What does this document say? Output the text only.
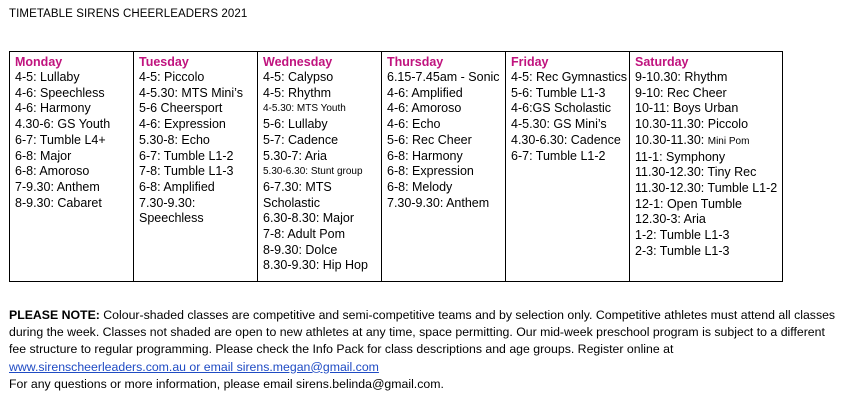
TIMETABLE SIRENS CHEERLEADERS 2021
Monday
4-5: Lullaby
4-6: Speechless
4-6: Harmony
4.30-6: GS Youth
6-7: Tumble L4+
6-8: Major
6-8: Amoroso
7-9.30: Anthem
8-9.30: Cabaret

Tuesday
4-5: Piccolo
4-5.30: MTS Mini’s
5-6 Cheersport
4-6: Expression
5.30-8: Echo
6-7: Tumble L1-2
7-8: Tumble L1-3
6-8: Amplified
7.30-9.30: Speechless

Wednesday
4-5: Calypso
4-5: Rhythm
4-5.30: MTS Youth
5-6: Lullaby
5-7: Cadence
5.30-7: Aria
5.30-6.30: Stunt group
6-7.30: MTS Scholastic
6.30-8.30: Major
7-8: Adult Pom
8-9.30: Dolce
8.30-9.30: Hip Hop

Thursday
6.15-7.45am - Sonic
4-6: Amplified
4-6: Amoroso
4-6: Echo
5-6: Rec Cheer
6-8: Harmony
6-8: Expression
6-8: Melody
7.30-9.30: Anthem

Friday
4-5: Rec Gymnastics
5-6: Tumble L1-3
4-6:GS Scholastic
4-5.30: GS Mini’s
4.30-6.30: Cadence
6-7: Tumble L1-2

Saturday
9-10.30: Rhythm
9-10: Rec Cheer
10-11: Boys Urban
10.30-11.30: Piccolo
10.30-11.30: Mini Pom
11-1: Symphony
11.30-12.30: Tiny Rec
11.30-12.30: Tumble L1-2
12-1: Open Tumble
12.30-3: Aria
1-2: Tumble L1-3
2-3: Tumble L1-3
PLEASE NOTE: Colour-shaded classes are competitive and semi-competitive teams and by selection only. Competitive athletes must attend all classes during the week. Classes not shaded are open to new athletes at any time, space permitting. Our mid-week preschool program is subject to a different fee structure to regular programming. Please check the Info Pack for class descriptions and age groups. Register online at www.sirenscheerleaders.com.au or email sirens.megan@gmail.com
For any questions or more information, please email sirens.belinda@gmail.com.
